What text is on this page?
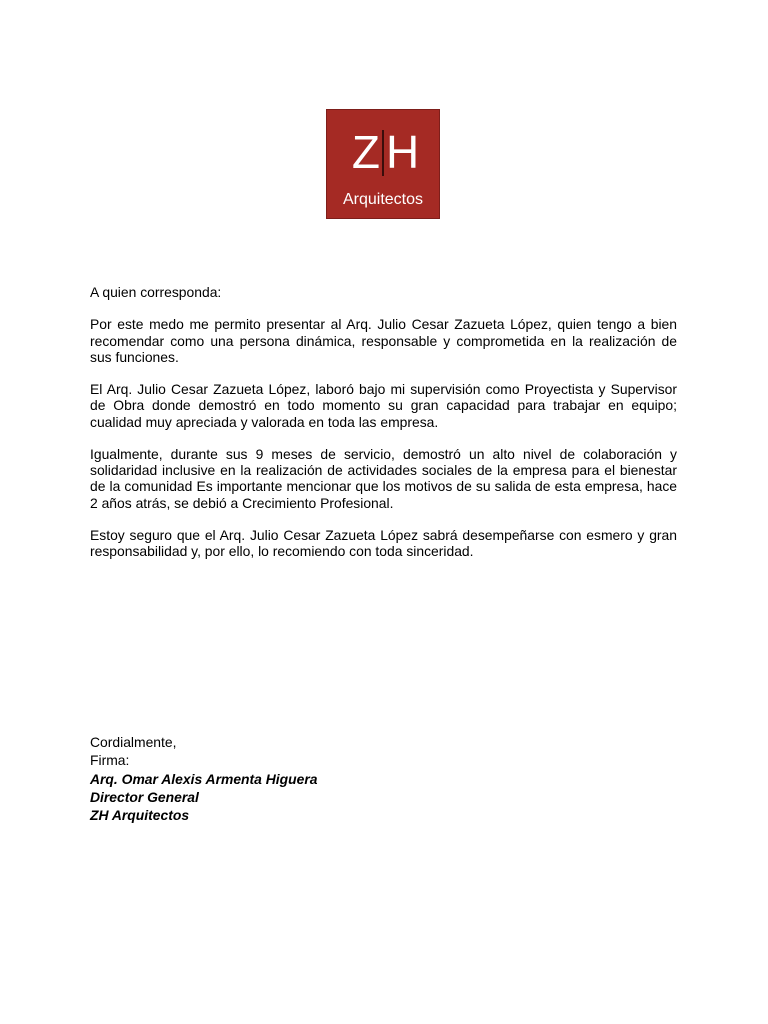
Z H
Arquitectos

A quien corresponda:

Por este medo me permito presentar al Arq. Julio Cesar Zazueta López, quien tengo a bien recomendar como una persona dinámica, responsable y comprometida en la realización de sus funciones.

El Arq. Julio Cesar Zazueta López, laboró bajo mi supervisión como Proyectista y Supervisor de Obra donde demostró en todo momento su gran capacidad para trabajar en equipo; cualidad muy apreciada y valorada en toda las empresa.

Igualmente, durante sus 9 meses de servicio, demostró un alto nivel de colaboración y solidaridad inclusive en la realización de actividades sociales de la empresa para el bienestar de la comunidad Es importante mencionar que los motivos de su salida de esta empresa, hace 2 años atrás, se debió a Crecimiento Profesional.

Estoy seguro que el Arq. Julio Cesar Zazueta López sabrá desempeñarse con esmero y gran responsabilidad y, por ello, lo recomiendo con toda sinceridad.

Cordialmente,
Firma:
Arq. Omar Alexis Armenta Higuera
Director General
ZH Arquitectos
